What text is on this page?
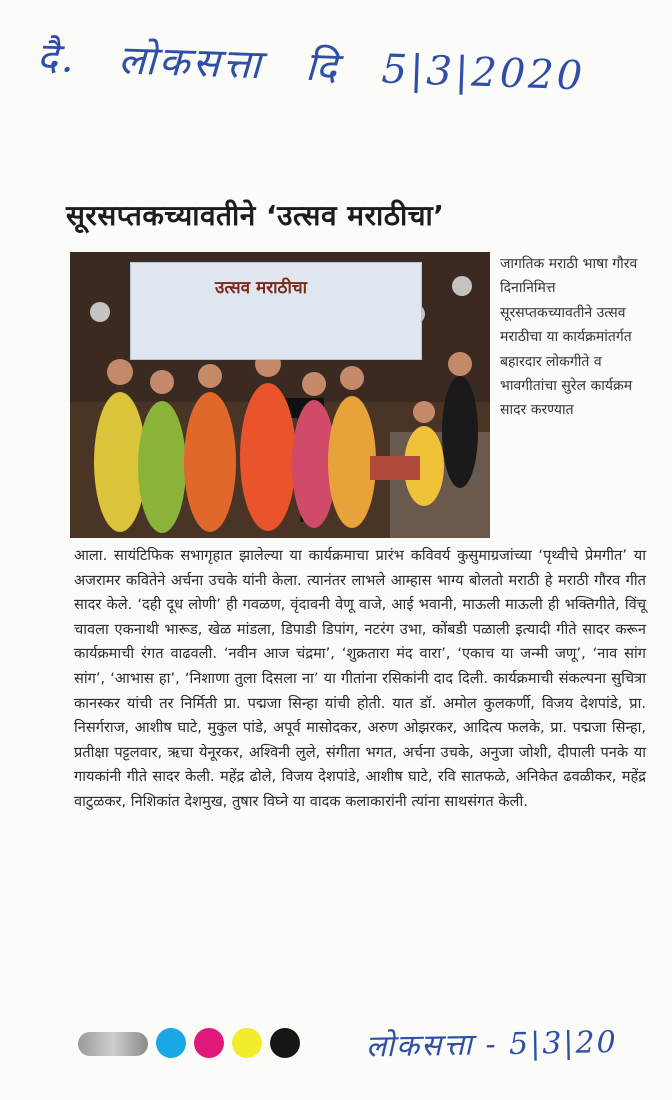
दै. लोकसत्ता दि 5|3|2020
सूरसप्तकच्यावतीने ‘उत्सव मराठीचा’
उत्सव मराठीचा
जागतिक मराठी भाषा गौरव दिनानिमित्त सूरसप्तकच्यावतीने उत्सव मराठीचा या कार्यक्रमांतर्गत बहारदार लोकगीते व भावगीतांचा सुरेल कार्यक्रम सादर करण्यात
आला. सायंटिफिक सभागृहात झालेल्या या कार्यक्रमाचा प्रारंभ कविवर्य कुसुमाग्रजांच्या ‘पृथ्वीचे प्रेमगीत’ या अजरामर कवितेने अर्चना उचके यांनी केला. त्यानंतर लाभले आम्हास भाग्य बोलतो मराठी हे मराठी गौरव गीत सादर केले. ‘दही दूध लोणी’ ही गवळण, वृंदावनी वेणू वाजे, आई भवानी, माऊली माऊली ही भक्तिगीते, विंचू चावला एकनाथी भारूड, खेळ मांडला, डिपाडी डिपांग, नटरंग उभा, कोंबडी पळाली इत्यादी गीते सादर करून कार्यक्रमाची रंगत वाढवली. ‘नवीन आज चंद्रमा’, ‘शुक्रतारा मंद वारा’, ‘एकाच या जन्मी जणू’, ‘नाव सांग सांग’, ‘आभास हा’, ‘निशाणा तुला दिसला ना’ या गीतांना रसिकांनी दाद दिली. कार्यक्रमाची संकल्पना सुचित्रा कानस्कर यांची तर निर्मिती प्रा. पद्मजा सिन्हा यांची होती. यात डॉ. अमोल कुलकर्णी, विजय देशपांडे, प्रा. निसर्गराज, आशीष घाटे, मुकुल पांडे, अपूर्व मासोदकर, अरुण ओझरकर, आदित्य फलके, प्रा. पद्मजा सिन्हा, प्रतीक्षा पट्टलवार, ऋचा येनूरकर, अश्विनी लुले, संगीता भगत, अर्चना उचके, अनुजा जोशी, दीपाली पनके या गायकांनी गीते सादर केली. महेंद्र ढोले, विजय देशपांडे, आशीष घाटे, रवि सातफळे, अनिकेत ढवळीकर, महेंद्र वाटुळकर, निशिकांत देशमुख, तुषार विघ्ने या वादक कलाकारांनी त्यांना साथसंगत केली.
लोकसत्ता - 5|3|20
